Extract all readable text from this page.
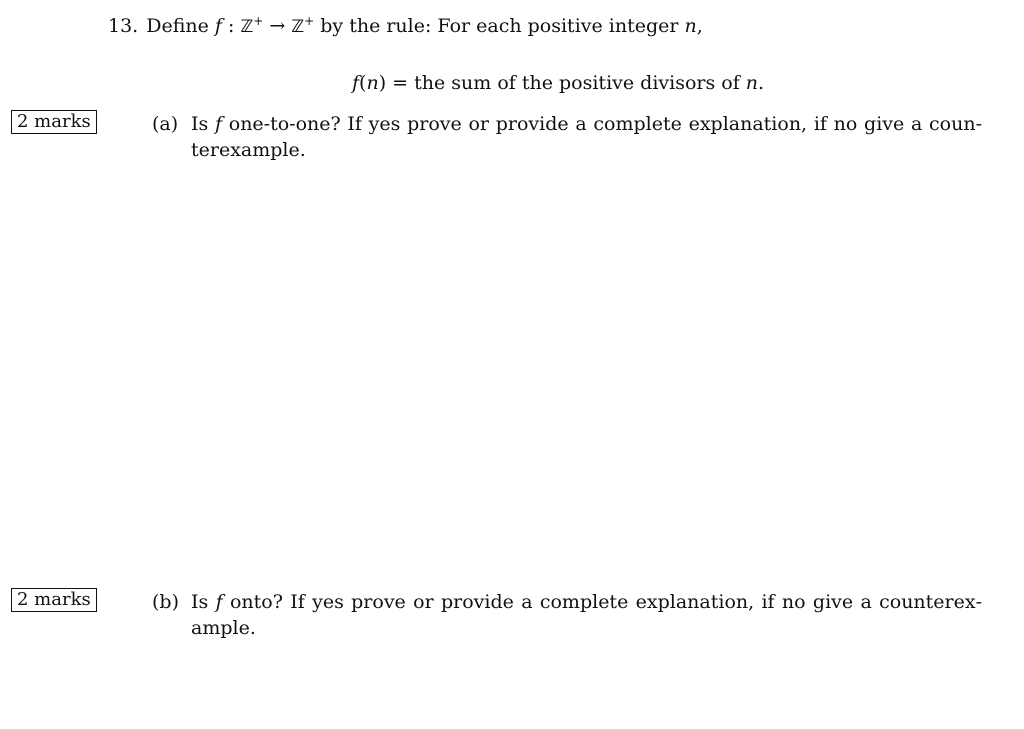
13. Define f : ℤ+ → ℤ+ by the rule: For each positive integer n,
f(n) = the sum of the positive divisors of n.
2 marks	(a) Is f one-to-one? If yes prove or provide a complete explanation, if no give a counterexample.
2 marks	(b) Is f onto? If yes prove or provide a complete explanation, if no give a counterexample.
